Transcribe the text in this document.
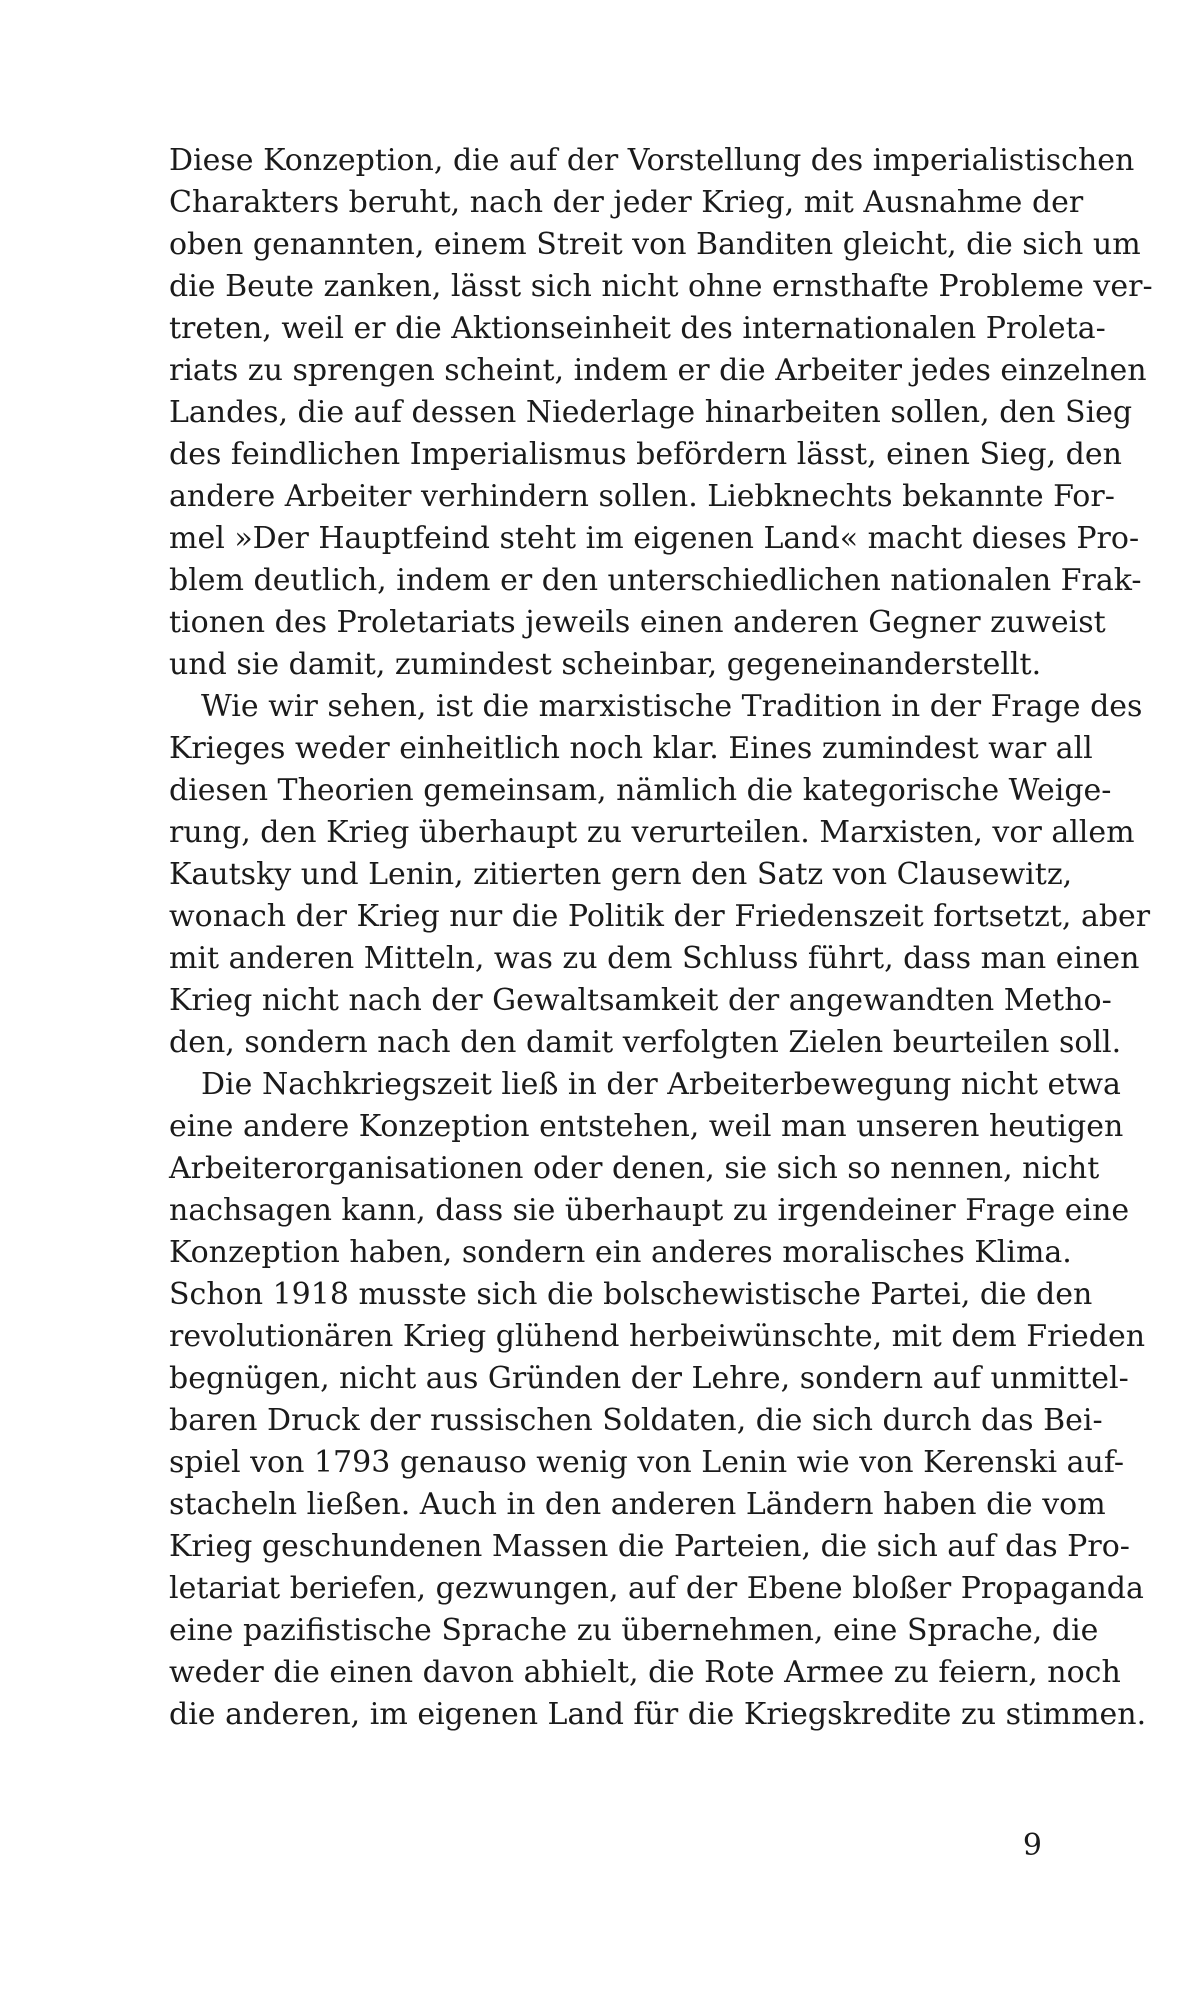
Diese Konzeption, die auf der Vorstellung des imperialistischen
Charakters beruht, nach der jeder Krieg, mit Ausnahme der
oben genannten, einem Streit von Banditen gleicht, die sich um
die Beute zanken, lässt sich nicht ohne ernsthafte Probleme ver-
treten, weil er die Aktionseinheit des internationalen Proleta-
riats zu sprengen scheint, indem er die Arbeiter jedes einzelnen
Landes, die auf dessen Niederlage hinarbeiten sollen, den Sieg
des feindlichen Imperialismus befördern lässt, einen Sieg, den
andere Arbeiter verhindern sollen. Liebknechts bekannte For-
mel »Der Hauptfeind steht im eigenen Land« macht dieses Pro-
blem deutlich, indem er den unterschiedlichen nationalen Frak-
tionen des Proletariats jeweils einen anderen Gegner zuweist
und sie damit, zumindest scheinbar, gegeneinanderstellt.
Wie wir sehen, ist die marxistische Tradition in der Frage des
Krieges weder einheitlich noch klar. Eines zumindest war all
diesen Theorien gemeinsam, nämlich die kategorische Weige-
rung, den Krieg überhaupt zu verurteilen. Marxisten, vor allem
Kautsky und Lenin, zitierten gern den Satz von Clausewitz,
wonach der Krieg nur die Politik der Friedenszeit fortsetzt, aber
mit anderen Mitteln, was zu dem Schluss führt, dass man einen
Krieg nicht nach der Gewaltsamkeit der angewandten Metho-
den, sondern nach den damit verfolgten Zielen beurteilen soll.
Die Nachkriegszeit ließ in der Arbeiterbewegung nicht etwa
eine andere Konzeption entstehen, weil man unseren heutigen
Arbeiterorganisationen oder denen, sie sich so nennen, nicht
nachsagen kann, dass sie überhaupt zu irgendeiner Frage eine
Konzeption haben, sondern ein anderes moralisches Klima.
Schon 1918 musste sich die bolschewistische Partei, die den
revolutionären Krieg glühend herbeiwünschte, mit dem Frieden
begnügen, nicht aus Gründen der Lehre, sondern auf unmittel-
baren Druck der russischen Soldaten, die sich durch das Bei-
spiel von 1793 genauso wenig von Lenin wie von Kerenski auf-
stacheln ließen. Auch in den anderen Ländern haben die vom
Krieg geschundenen Massen die Parteien, die sich auf das Pro-
letariat beriefen, gezwungen, auf der Ebene bloßer Propaganda
eine pazifistische Sprache zu übernehmen, eine Sprache, die
weder die einen davon abhielt, die Rote Armee zu feiern, noch
die anderen, im eigenen Land für die Kriegskredite zu stimmen.
9
